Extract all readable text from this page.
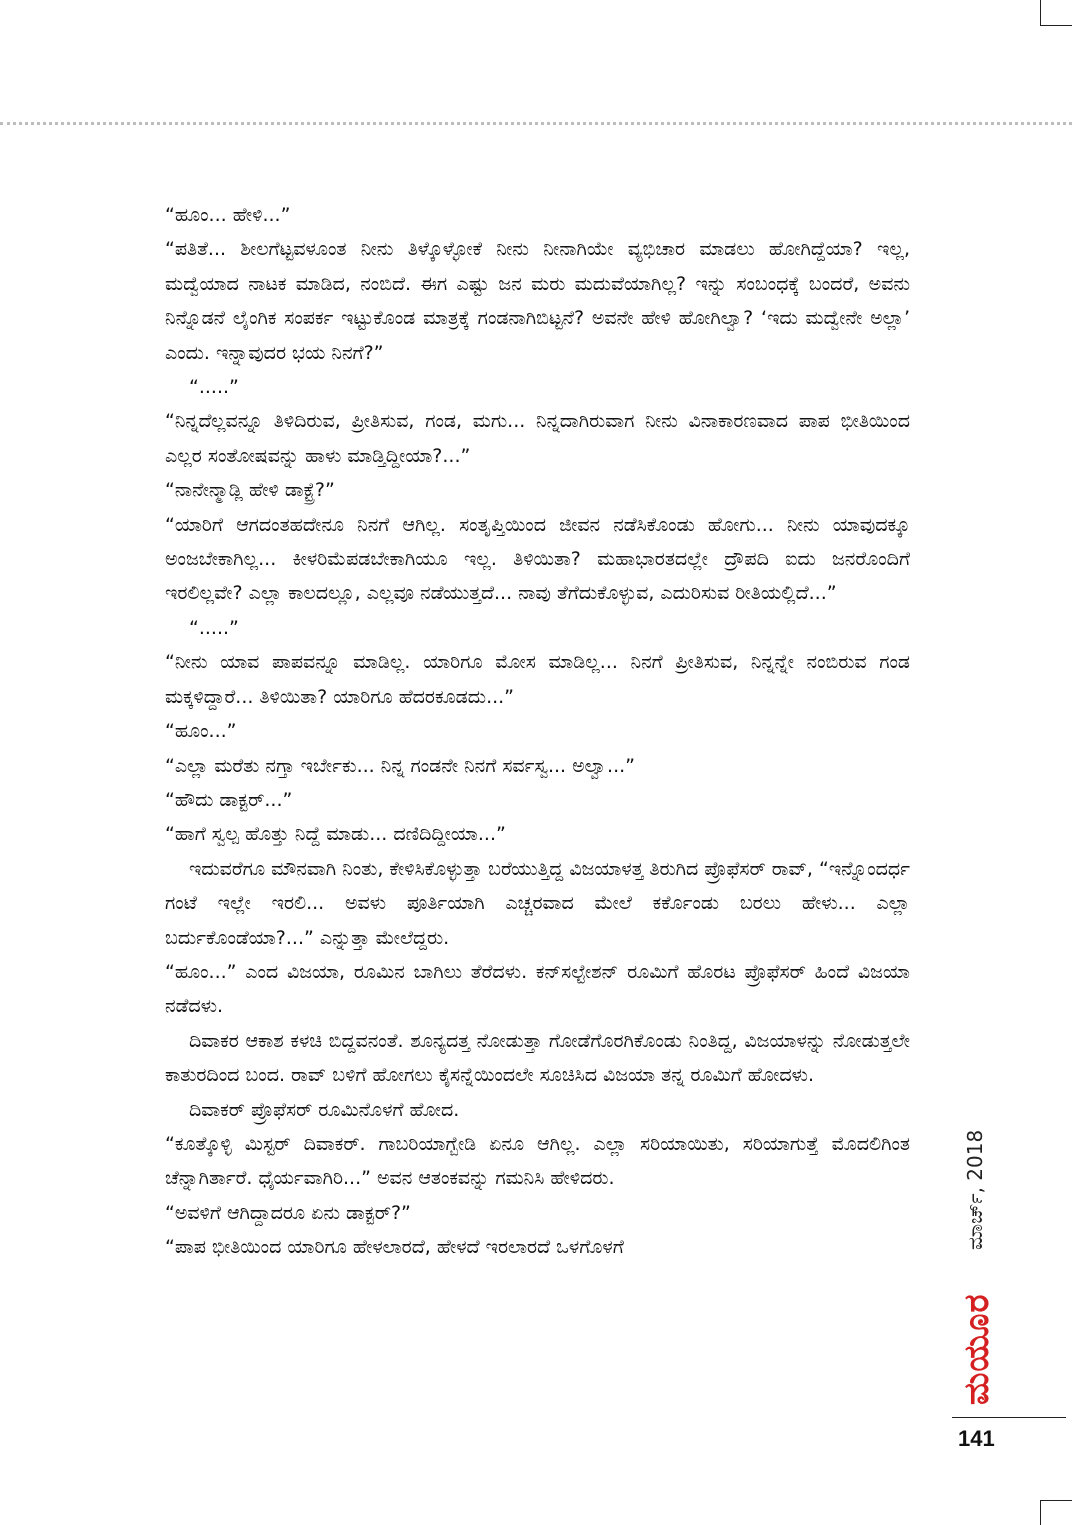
“ಹೂಂ... ಹೇಳಿ...”

“ಪತಿತೆ... ಶೀಲಗೆಟ್ಟವಳೂಂತ ನೀನು ತಿಳ್ಕೊಳ್ಳೋಕೆ ನೀನು ನೀನಾಗಿಯೇ ವ್ಯಭಿಚಾರ ಮಾಡಲು ಹೋಗಿದ್ದೆಯಾ? ಇಲ್ಲ, ಮದ್ವೆಯಾದ ನಾಟಕ ಮಾಡಿದ, ನಂಬಿದೆ. ಈಗ ಎಷ್ಟು ಜನ ಮರು ಮದುವೆಯಾಗಿಲ್ಲ? ಇನ್ನು ಸಂಬಂಧಕ್ಕೆ ಬಂದರೆ, ಅವನು ನಿನ್ನೊಡನೆ ಲೈಂಗಿಕ ಸಂಪರ್ಕ ಇಟ್ಟುಕೊಂಡ ಮಾತ್ರಕ್ಕೆ ಗಂಡನಾಗಿಬಿಟ್ಟನೆ? ಅವನೇ ಹೇಳಿ ಹೋಗಿಲ್ವಾ? ‘ಇದು ಮದ್ವೇನೇ ಅಲ್ಲಾ’ ಎಂದು. ಇನ್ನಾವುದರ ಭಯ ನಿನಗೆ?”

“.....”

“ನಿನ್ನದೆಲ್ಲವನ್ನೂ ತಿಳಿದಿರುವ, ಪ್ರೀತಿಸುವ, ಗಂಡ, ಮಗು... ನಿನ್ನದಾಗಿರುವಾಗ ನೀನು ವಿನಾಕಾರಣವಾದ ಪಾಪ ಭೀತಿಯಿಂದ ಎಲ್ಲರ ಸಂತೋಷವನ್ನು ಹಾಳು ಮಾಡ್ತಿದ್ದೀಯಾ?...”

“ನಾನೇನ್ಮಾಡ್ಲಿ ಹೇಳಿ ಡಾಕ್ಟ್ರೆ?”

“ಯಾರಿಗೆ ಆಗದಂತಹದೇನೂ ನಿನಗೆ ಆಗಿಲ್ಲ. ಸಂತೃಪ್ತಿಯಿಂದ ಜೀವನ ನಡೆಸಿಕೊಂಡು ಹೋಗು... ನೀನು ಯಾವುದಕ್ಕೂ ಅಂಜಬೇಕಾಗಿಲ್ಲ... ಕೀಳರಿಮೆಪಡಬೇಕಾಗಿಯೂ ಇಲ್ಲ. ತಿಳಿಯಿತಾ? ಮಹಾಭಾರತದಲ್ಲೇ ದ್ರೌಪದಿ ಐದು ಜನರೊಂದಿಗೆ ಇರಲಿಲ್ಲವೇ? ಎಲ್ಲಾ ಕಾಲದಲ್ಲೂ, ಎಲ್ಲವೂ ನಡೆಯುತ್ತದೆ... ನಾವು ತೆಗೆದುಕೊಳ್ಳುವ, ಎದುರಿಸುವ ರೀತಿಯಲ್ಲಿದೆ...”

“.....”

“ನೀನು ಯಾವ ಪಾಪವನ್ನೂ ಮಾಡಿಲ್ಲ. ಯಾರಿಗೂ ಮೋಸ ಮಾಡಿಲ್ಲ... ನಿನಗೆ ಪ್ರೀತಿಸುವ, ನಿನ್ನನ್ನೇ ನಂಬಿರುವ ಗಂಡ ಮಕ್ಕಳಿದ್ದಾರೆ... ತಿಳಿಯಿತಾ? ಯಾರಿಗೂ ಹೆದರಕೂಡದು...”

“ಹೂಂ...”

“ಎಲ್ಲಾ ಮರೆತು ನಗ್ತಾ ಇರ್ಬೇಕು... ನಿನ್ನ ಗಂಡನೇ ನಿನಗೆ ಸರ್ವಸ್ವ... ಅಲ್ವಾ...”

“ಹೌದು ಡಾಕ್ಟರ್...”

“ಹಾಗೆ ಸ್ವಲ್ಪ ಹೊತ್ತು ನಿದ್ದೆ ಮಾಡು... ದಣಿದಿದ್ದೀಯಾ...”

ಇದುವರೆಗೂ ಮೌನವಾಗಿ ನಿಂತು, ಕೇಳಿಸಿಕೊಳ್ಳುತ್ತಾ ಬರೆಯುತ್ತಿದ್ದ ವಿಜಯಾಳತ್ತ ತಿರುಗಿದ ಪ್ರೊಫೆಸರ್ ರಾವ್, “ಇನ್ನೊಂದರ್ಧ ಗಂಟೆ ಇಲ್ಲೇ ಇರಲಿ... ಅವಳು ಪೂರ್ತಿಯಾಗಿ ಎಚ್ಚರವಾದ ಮೇಲೆ ಕರ್ಕೊಂಡು ಬರಲು ಹೇಳು... ಎಲ್ಲಾ ಬರ್ದುಕೊಂಡೆಯಾ?...” ಎನ್ನುತ್ತಾ ಮೇಲೆದ್ದರು.

“ಹೂಂ...” ಎಂದ ವಿಜಯಾ, ರೂಮಿನ ಬಾಗಿಲು ತೆರೆದಳು. ಕನ್‌ಸಲ್ಟೇಶನ್ ರೂಮಿಗೆ ಹೊರಟ ಪ್ರೊಫೆಸರ್ ಹಿಂದೆ ವಿಜಯಾ ನಡೆದಳು.

ದಿವಾಕರ ಆಕಾಶ ಕಳಚಿ ಬಿದ್ದವನಂತೆ. ಶೂನ್ಯದತ್ತ ನೋಡುತ್ತಾ ಗೋಡೆಗೊರಗಿಕೊಂಡು ನಿಂತಿದ್ದ, ವಿಜಯಾಳನ್ನು ನೋಡುತ್ತಲೇ ಕಾತುರದಿಂದ ಬಂದ. ರಾವ್ ಬಳಿಗೆ ಹೋಗಲು ಕೈಸನ್ನೆಯಿಂದಲೇ ಸೂಚಿಸಿದ ವಿಜಯಾ ತನ್ನ ರೂಮಿಗೆ ಹೋದಳು.

ದಿವಾಕರ್ ಪ್ರೊಫೆಸರ್ ರೂಮಿನೊಳಗೆ ಹೋದ.

“ಕೂತ್ಕೊಳ್ಳಿ ಮಿಸ್ಟರ್ ದಿವಾಕರ್. ಗಾಬರಿಯಾಗ್ಬೇಡಿ ಏನೂ ಆಗಿಲ್ಲ. ಎಲ್ಲಾ ಸರಿಯಾಯಿತು, ಸರಿಯಾಗುತ್ತೆ ಮೊದಲಿಗಿಂತ ಚೆನ್ನಾಗಿರ್ತಾರೆ. ಧೈರ್ಯವಾಗಿರಿ...” ಅವನ ಆತಂಕವನ್ನು ಗಮನಿಸಿ ಹೇಳಿದರು.

“ಅವಳಿಗೆ ಆಗಿದ್ದಾದರೂ ಏನು ಡಾಕ್ಟರ್?”

“ಪಾಪ ಭೀತಿಯಿಂದ ಯಾರಿಗೂ ಹೇಳಲಾರದೆ, ಹೇಳದೆ ಇರಲಾರದೆ ಒಳಗೊಳಗೆ	ಮಾರ್ಚ್, 2018
ಮಯೂರ
141
